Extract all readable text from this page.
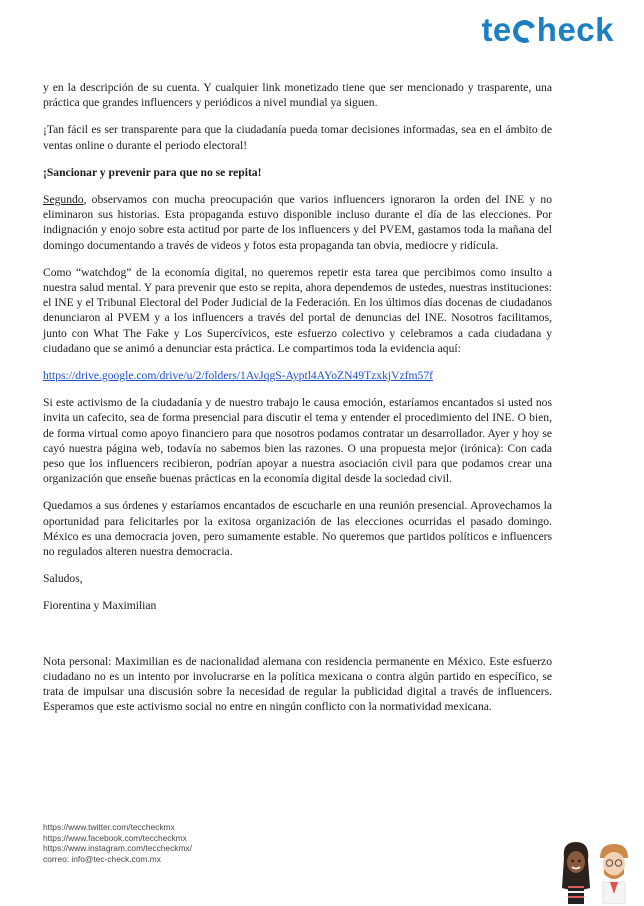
te heck

y en la descripción de su cuenta. Y cualquier link monetizado tiene que ser mencionado y trasparente, una práctica que grandes influencers y periódicos a nivel mundial ya siguen.

¡Tan fácil es ser transparente para que la ciudadanía pueda tomar decisiones informadas, sea en el ámbito de ventas online o durante el periodo electoral!

¡Sancionar y prevenir para que no se repita!

Segundo, observamos con mucha preocupación que varios influencers ignoraron la orden del INE y no eliminaron sus historias. Esta propaganda estuvo disponible incluso durante el día de las elecciones. Por indignación y enojo sobre esta actitud por parte de los influencers y del PVEM, gastamos toda la mañana del domingo documentando a través de videos y fotos esta propaganda tan obvia, mediocre y ridícula.

Como “watchdog” de la economía digital, no queremos repetir esta tarea que percibimos como insulto a nuestra salud mental. Y para prevenir que esto se repita, ahora dependemos de ustedes, nuestras instituciones: el INE y el Tribunal Electoral del Poder Judicial de la Federación. En los últimos días docenas de ciudadanos denunciaron al PVEM y a los influencers a través del portal de denuncias del INE. Nosotros facilitamos, junto con What The Fake y Los Supercívicos, este esfuerzo colectivo y celebramos a cada ciudadana y ciudadano que se animó a denunciar esta práctica. Le compartimos toda la evidencia aquí:

https://drive.google.com/drive/u/2/folders/1AvJqgS-Ayptl4AYoZN49TzxkjVzfm57f

Si este activismo de la ciudadanía y de nuestro trabajo le causa emoción, estaríamos encantados si usted nos invita un cafecito, sea de forma presencial para discutir el tema y entender el procedimiento del INE. O bien, de forma virtual como apoyo financiero para que nosotros podamos contratar un desarrollador. Ayer y hoy se cayó nuestra página web, todavía no sabemos bien las razones. O una propuesta mejor (irónica): Con cada peso que los influencers recibieron, podrían apoyar a nuestra asociación civil para que podamos crear una organización que enseñe buenas prácticas en la economía digital desde la sociedad civil.

Quedamos a sus órdenes y estaríamos encantados de escucharle en una reunión presencial. Aprovechamos la oportunidad para felicitarles por la exitosa organización de las elecciones ocurridas el pasado domingo. México es una democracia joven, pero sumamente estable. No queremos que partidos políticos e influencers no regulados alteren nuestra democracia.

Saludos,

Fiorentina y Maximilian

Nota personal: Maximilian es de nacionalidad alemana con residencia permanente en México. Este esfuerzo ciudadano no es un intento por involucrarse en la política mexicana o contra algún partido en específico, se trata de impulsar una discusión sobre la necesidad de regular la publicidad digital a través de influencers. Esperamos que este activismo social no entre en ningún conflicto con la normatividad mexicana.

https://www.twitter.com/teccheckmx
https://www.facebook.com/teccheckmx
https://www.instagram.com/teccheckmx/
correo: info@tec-check.com.mx
